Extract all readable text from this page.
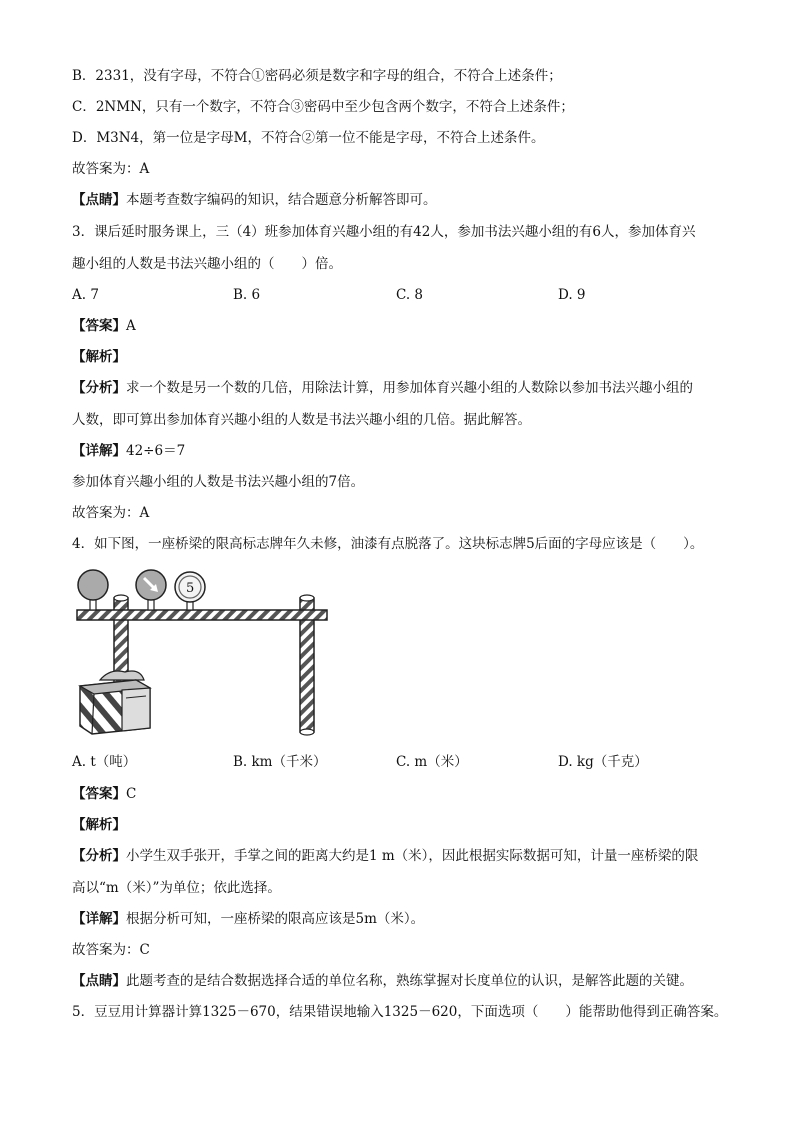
B．2331，没有字母，不符合①密码必须是数字和字母的组合，不符合上述条件；
C．2NMN，只有一个数字，不符合③密码中至少包含两个数字，不符合上述条件；
D．M3N4，第一位是字母M，不符合②第一位不能是字母，不符合上述条件。
故答案为：A
【点睛】本题考查数字编码的知识，结合题意分析解答即可。
3．课后延时服务课上，三（4）班参加体育兴趣小组的有42人，参加书法兴趣小组的有6人，参加体育兴
趣小组的人数是书法兴趣小组的（　　）倍。
A. 7	B. 6	C. 8	D. 9
【答案】A
【解析】
【分析】求一个数是另一个数的几倍，用除法计算，用参加体育兴趣小组的人数除以参加书法兴趣小组的
人数，即可算出参加体育兴趣小组的人数是书法兴趣小组的几倍。据此解答。
【详解】42÷6＝7
参加体育兴趣小组的人数是书法兴趣小组的7倍。
故答案为：A
4．如下图，一座桥梁的限高标志牌年久未修，油漆有点脱落了。这块标志牌5后面的字母应该是（　　）。
5
A. t（吨）	B. km（千米）	C. m（米）	D. kg（千克）
【答案】C
【解析】
【分析】小学生双手张开，手掌之间的距离大约是1 m（米），因此根据实际数据可知，计量一座桥梁的限
高以“m（米）”为单位；依此选择。
【详解】根据分析可知，一座桥梁的限高应该是5m（米）。
故答案为：C
【点睛】此题考查的是结合数据选择合适的单位名称，熟练掌握对长度单位的认识，是解答此题的关键。
5．豆豆用计算器计算1325－670，结果错误地输入1325－620，下面选项（　　）能帮助他得到正确答案。
